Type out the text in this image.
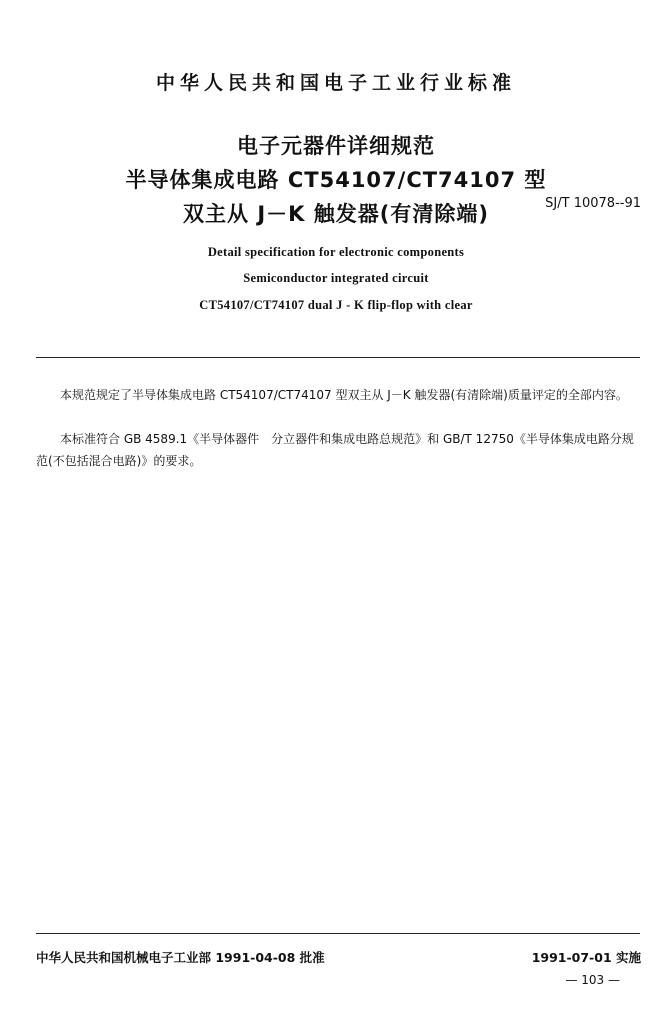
中华人民共和国电子工业行业标准
电子元器件详细规范
半导体集成电路 CT54107/CT74107 型
双主从 J－K 触发器(有清除端)	SJ/T 10078--91
Detail specification for electronic components
Semiconductor integrated circuit
CT54107/CT74107 dual J - K flip-flop with clear
本规范规定了半导体集成电路 CT54107/CT74107 型双主从 J－K 触发器(有清除端)质量评定的全部内容。
本标准符合 GB 4589.1《半导体器件　分立器件和集成电路总规范》和 GB/T 12750《半导体集成电路分规范(不包括混合电路)》的要求。
中华人民共和国机械电子工业部 1991-04-08 批准	1991-07-01 实施
— 103 —
